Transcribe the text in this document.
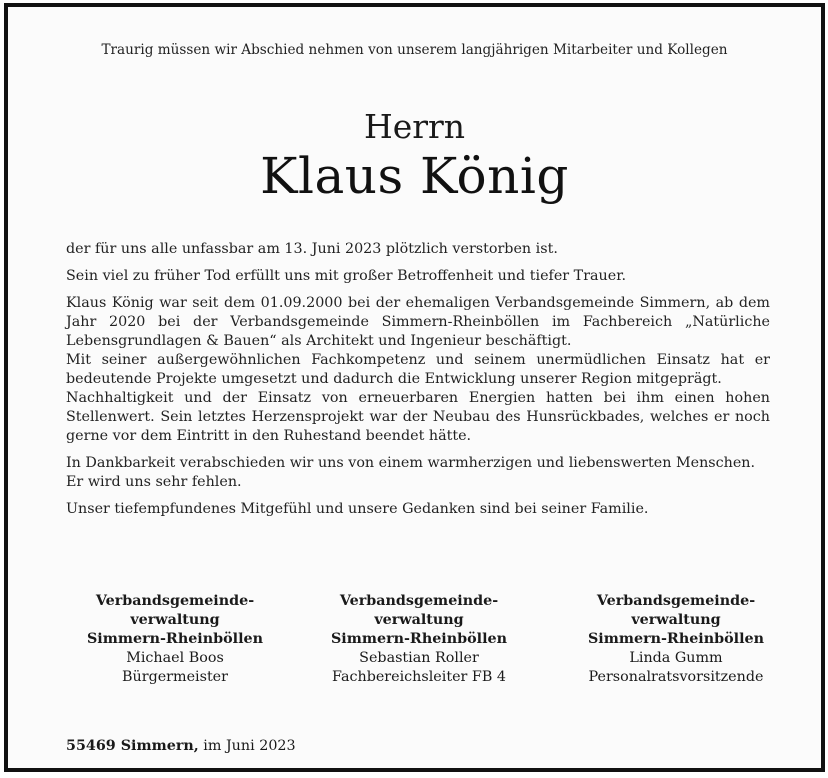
Traurig müssen wir Abschied nehmen von unserem langjährigen Mitarbeiter und Kollegen
Herrn
Klaus König

der für uns alle unfassbar am 13. Juni 2023 plötzlich verstorben ist.

Sein viel zu früher Tod erfüllt uns mit großer Betroffenheit und tiefer Trauer.

Klaus König war seit dem 01.09.2000 bei der ehemaligen Verbandsgemeinde Simmern, ab dem Jahr 2020 bei der Verbandsgemeinde Simmern-Rheinböllen im Fachbereich „Natürliche Lebensgrundlagen & Bauen“ als Architekt und Ingenieur beschäftigt.

Mit seiner außergewöhnlichen Fachkompetenz und seinem unermüdlichen Einsatz hat er bedeutende Projekte umgesetzt und dadurch die Entwicklung unserer Region mitgeprägt.

Nachhaltigkeit und der Einsatz von erneuerbaren Energien hatten bei ihm einen hohen Stellenwert. Sein letztes Herzensprojekt war der Neubau des Hunsrückbades, welches er noch gerne vor dem Eintritt in den Ruhestand beendet hätte.

In Dankbarkeit verabschieden wir uns von einem warmherzigen und liebenswerten Menschen.

Er wird uns sehr fehlen.

Unser tiefempfundenes Mitgefühl und unsere Gedanken sind bei seiner Familie.

Verbandsgemeinde-
verwaltung
Simmern-Rheinböllen
Michael Boos
Bürgermeister
Verbandsgemeinde-
verwaltung
Simmern-Rheinböllen
Sebastian Roller
Fachbereichsleiter FB 4
Verbandsgemeinde-
verwaltung
Simmern-Rheinböllen
Linda Gumm
Personalratsvorsitzende
55469 Simmern, im Juni 2023
